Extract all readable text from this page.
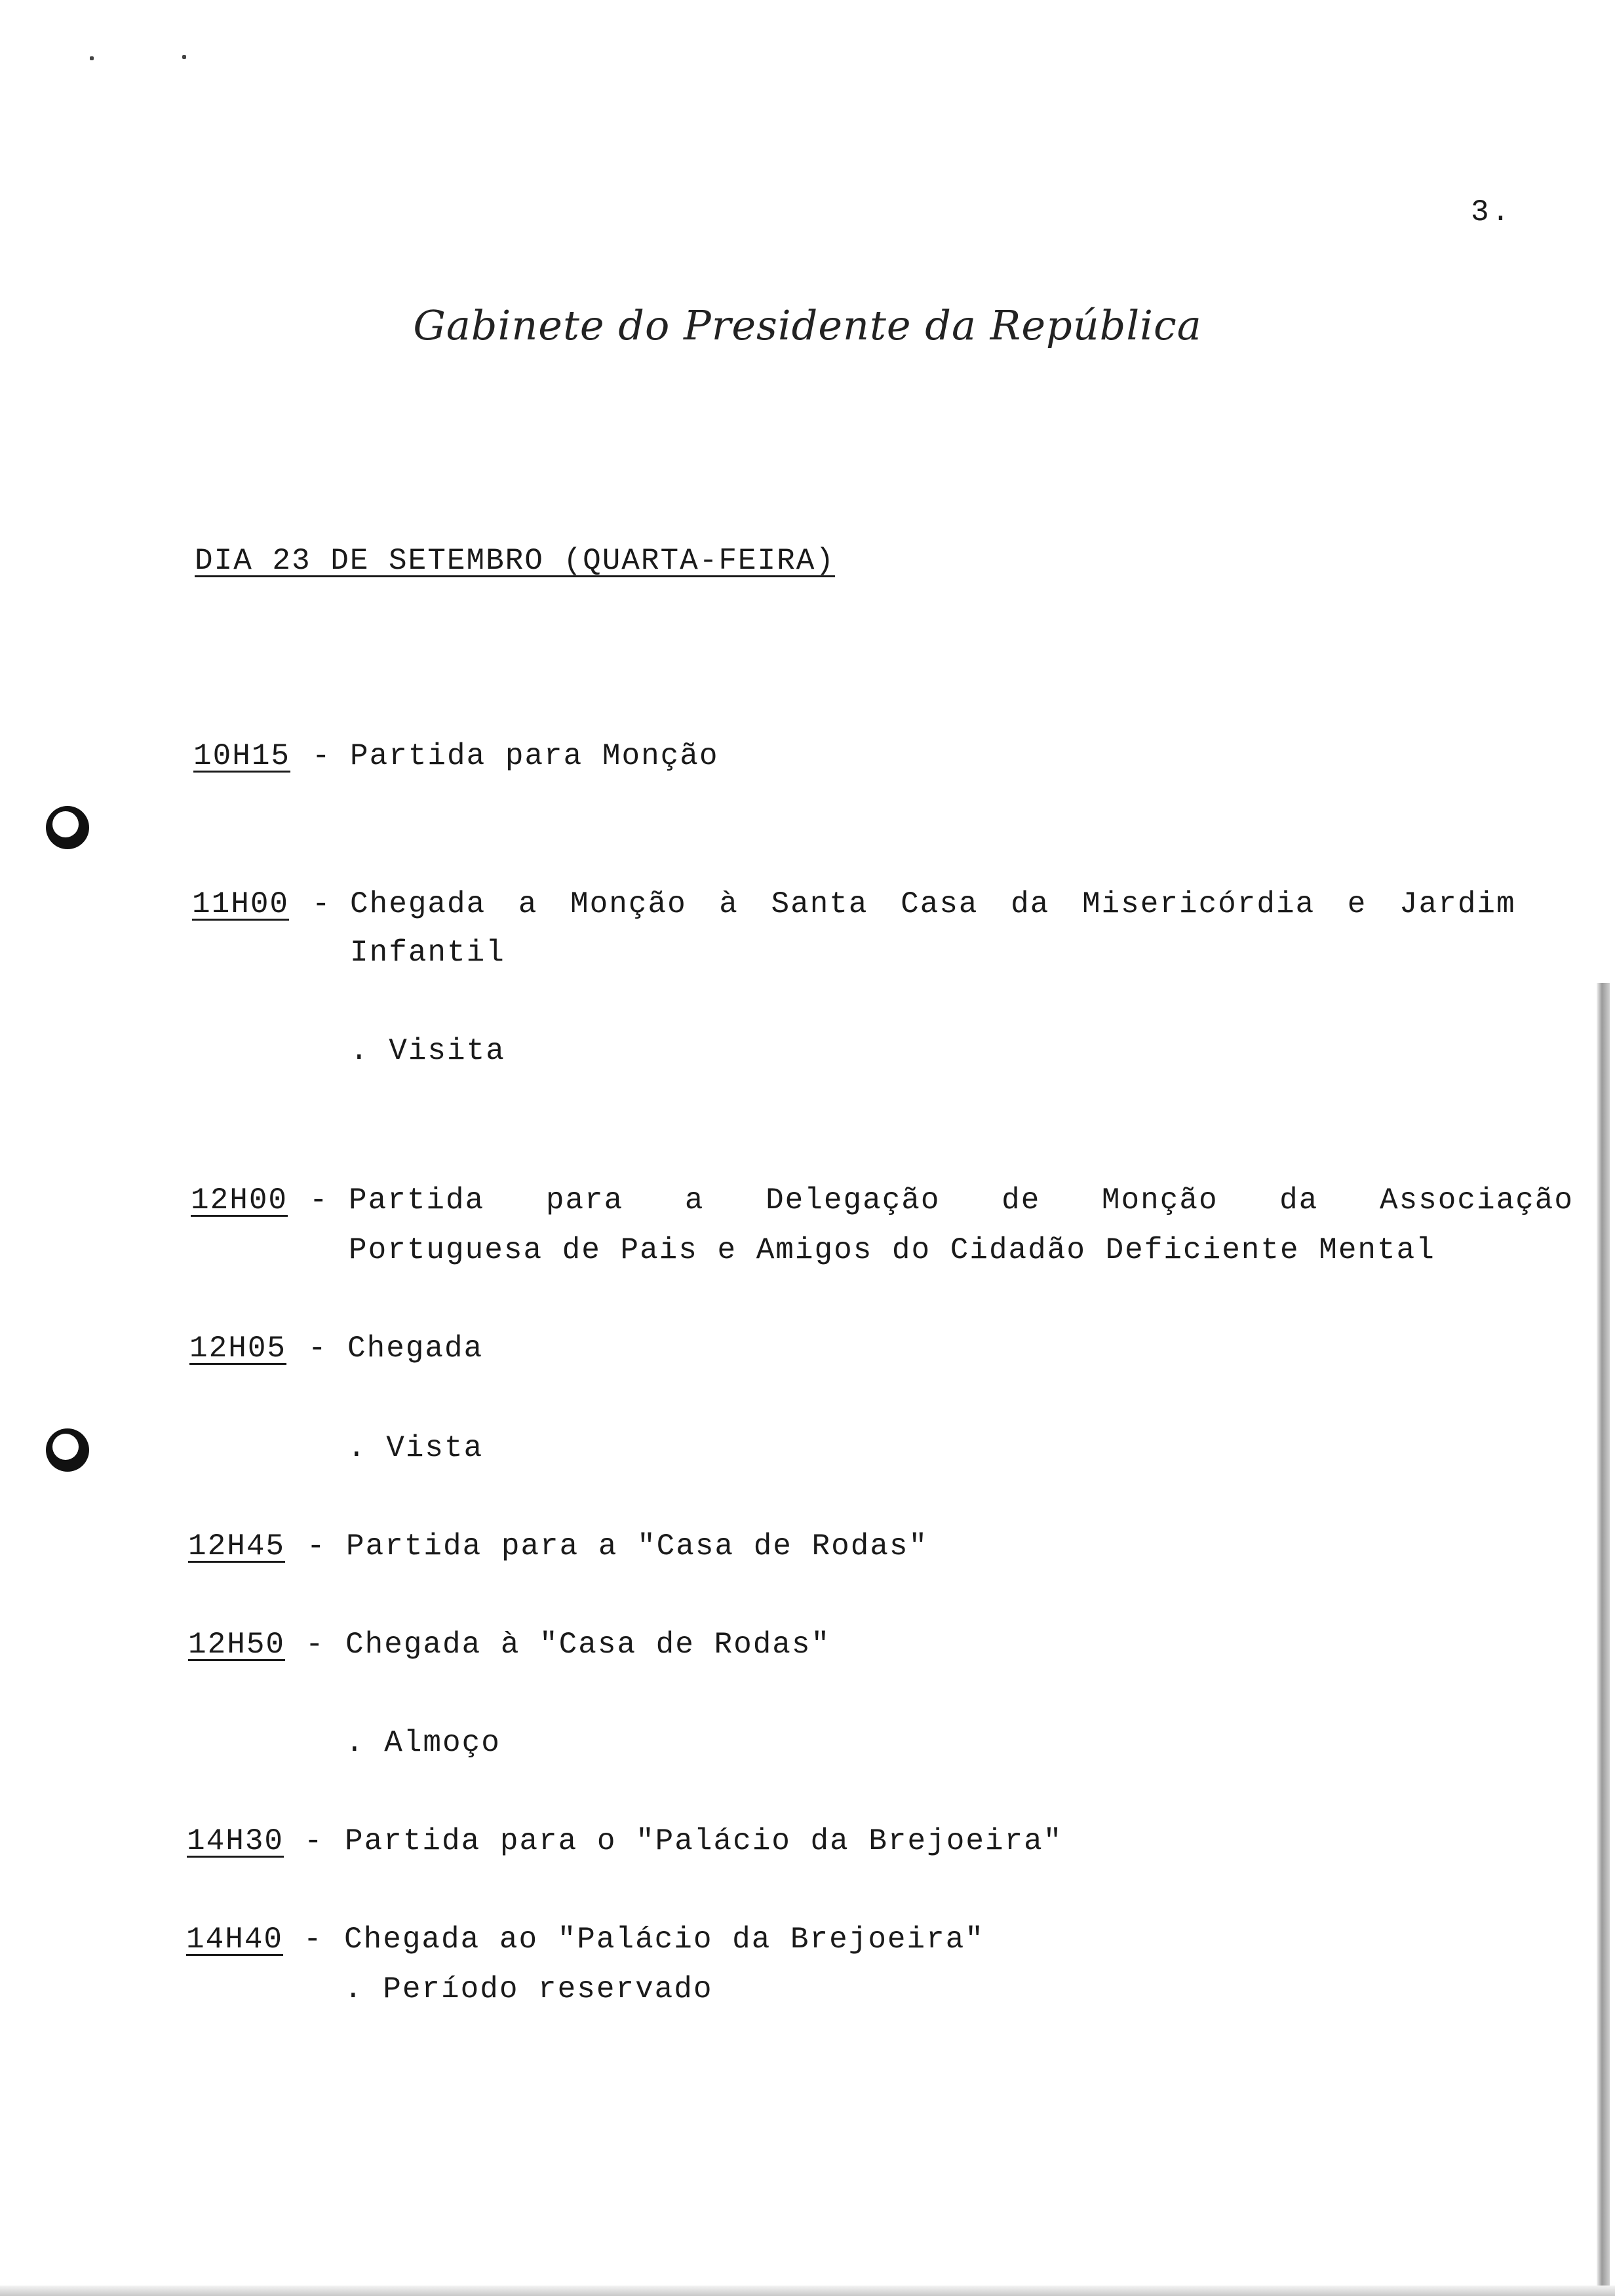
3.
Gabinete do Presidente da República
DIA 23 DE SETEMBRO (QUARTA-FEIRA)
10H15 - Partida para Monção
11H00 - Chegada a Monção à Santa Casa da Misericórdia e Jardim
Infantil
. Visita
12H00 - Partida para a Delegação de Monção da Associação
Portuguesa de Pais e Amigos do Cidadão Deficiente Mental
12H05 - Chegada
. Vista
12H45 - Partida para a "Casa de Rodas"
12H50 - Chegada à "Casa de Rodas"
. Almoço
14H30 - Partida para o "Palácio da Brejoeira"
14H40 - Chegada ao "Palácio da Brejoeira"
. Período reservado
